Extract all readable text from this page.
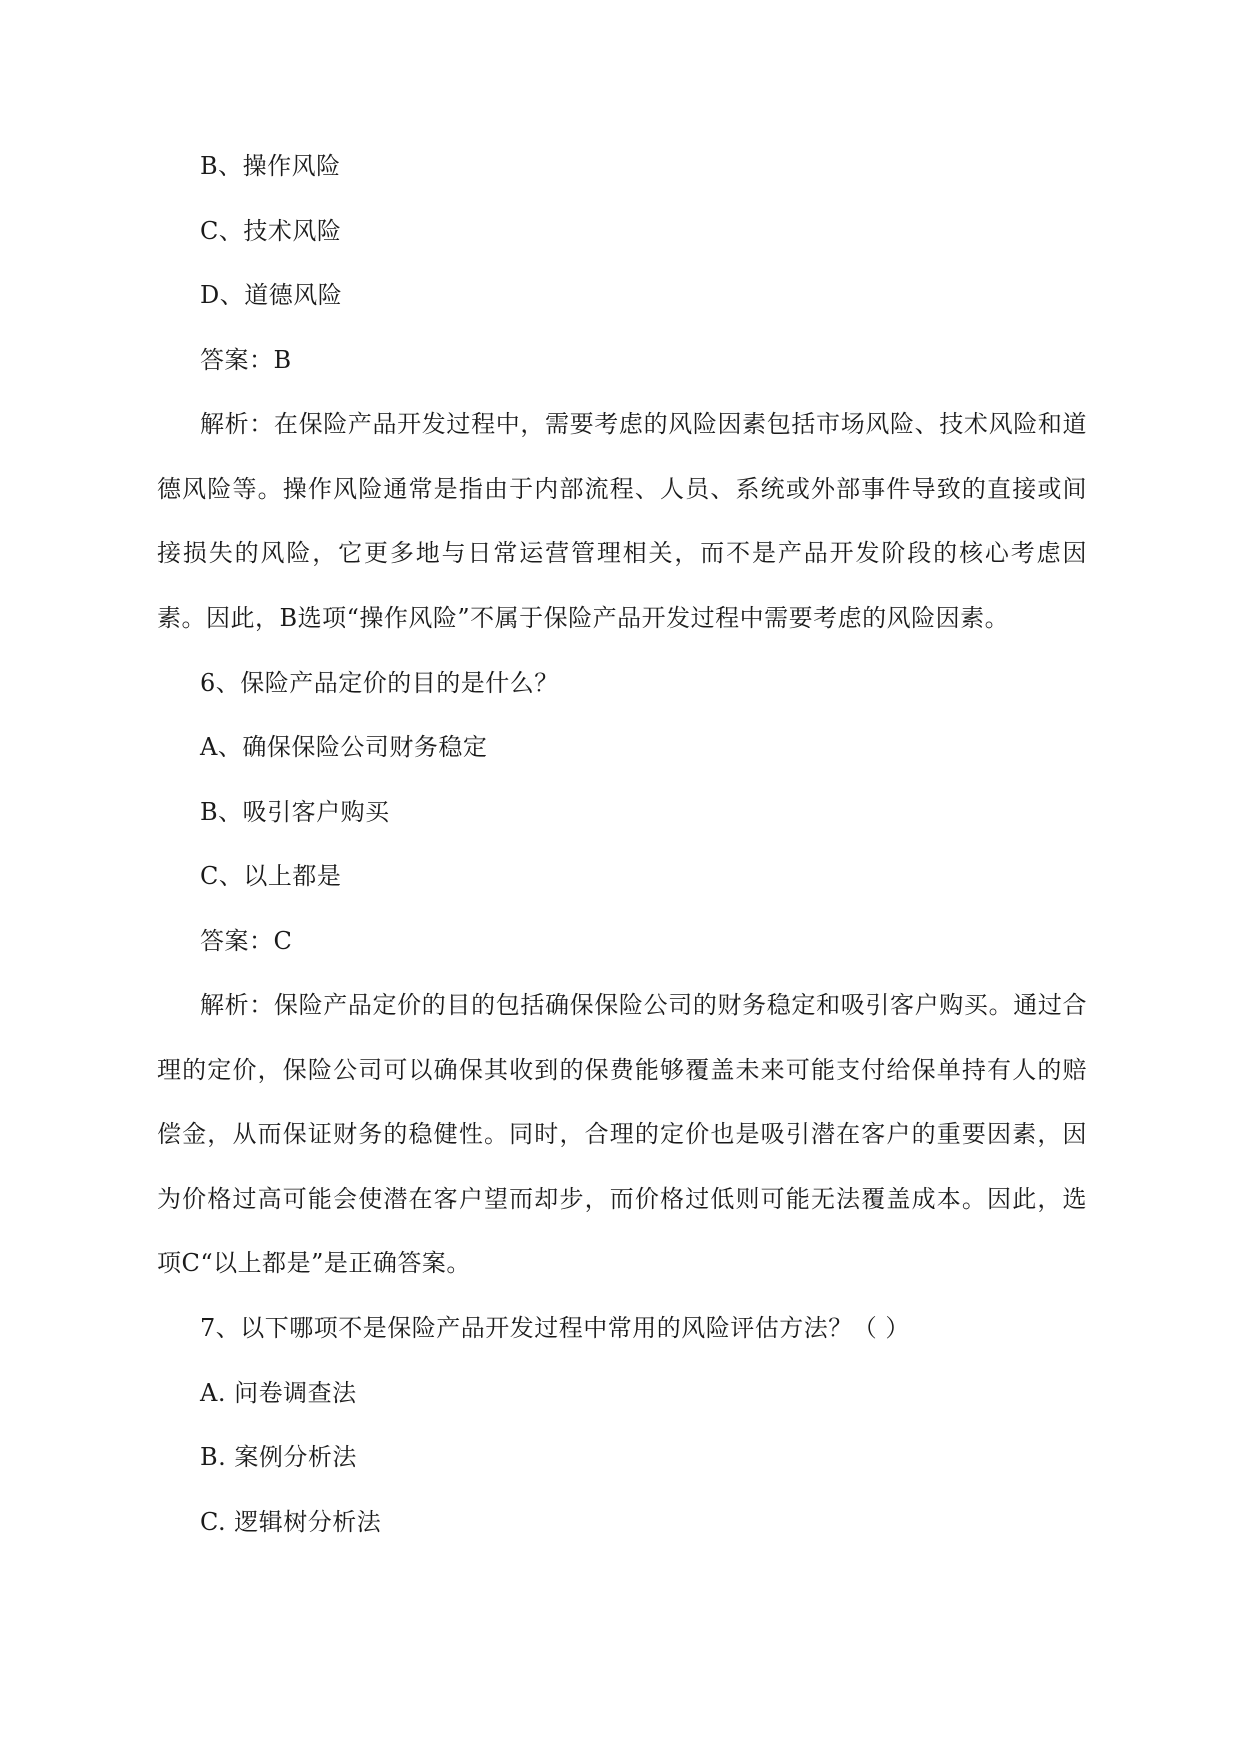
B、操作风险
C、技术风险
D、道德风险
答案：B
解析：在保险产品开发过程中，需要考虑的风险因素包括市场风险、技术风险和道德风险等。操作风险通常是指由于内部流程、人员、系统或外部事件导致的直接或间接损失的风险，它更多地与日常运营管理相关，而不是产品开发阶段的核心考虑因素。因此，B选项“操作风险”不属于保险产品开发过程中需要考虑的风险因素。
6、保险产品定价的目的是什么？
A、确保保险公司财务稳定
B、吸引客户购买
C、以上都是
答案：C
解析：保险产品定价的目的包括确保保险公司的财务稳定和吸引客户购买。通过合理的定价，保险公司可以确保其收到的保费能够覆盖未来可能支付给保单持有人的赔偿金，从而保证财务的稳健性。同时，合理的定价也是吸引潜在客户的重要因素，因为价格过高可能会使潜在客户望而却步，而价格过低则可能无法覆盖成本。因此，选项C“以上都是”是正确答案。
7、以下哪项不是保险产品开发过程中常用的风险评估方法？（ ）
A. 问卷调查法
B. 案例分析法
C. 逻辑树分析法
